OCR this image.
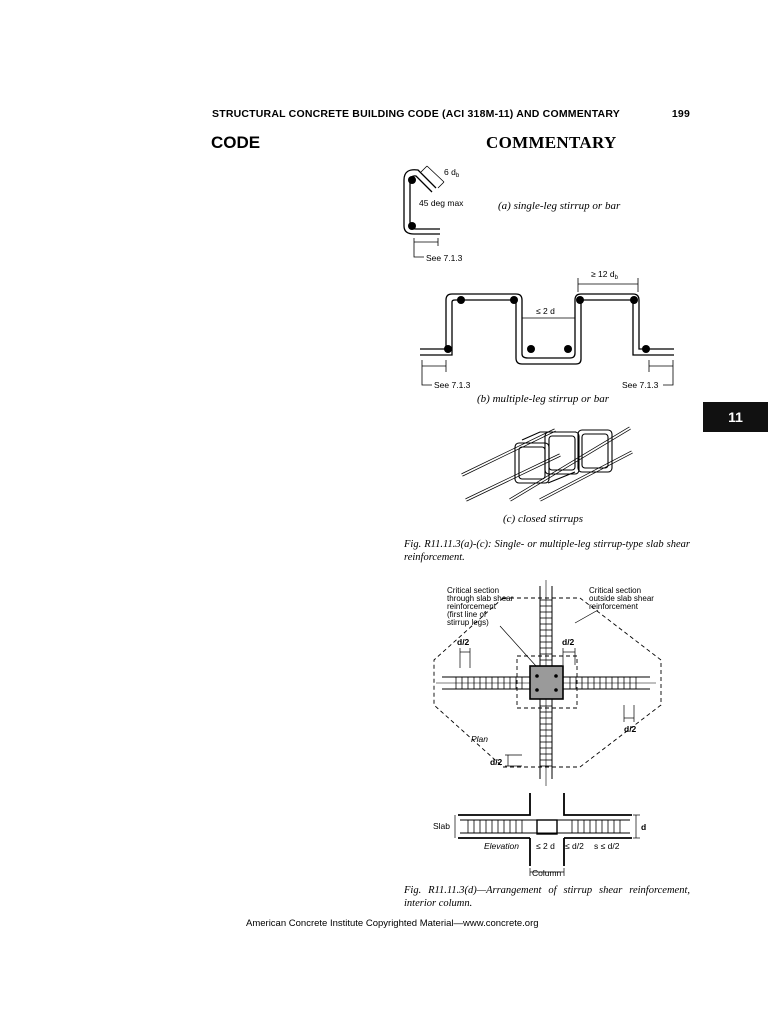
STRUCTURAL CONCRETE BUILDING CODE (ACI 318M-11) AND COMMENTARY	199
CODE	COMMENTARY
11
6 $d_b$
45 deg max
See 7.1.3
≥ 12 $d_b$
≤ 2 d
See 7.1.3	See 7.1.3
Critical section through slab shear reinforcement (first line of stirrup legs)
Critical section outside slab shear reinforcement
d/2	d/2
d/2
d/2
Plan
Slab
Elevation ≤ 2 d ≤ d/2 s ≤ d/2
d
Column
(a) single-leg stirrup or bar
(b) multiple-leg stirrup or bar
(c) closed stirrups
Fig. R11.11.3(a)-(c): Single- or multiple-leg stirrup-type slab shear reinforcement.
Fig. R11.11.3(d)—Arrangement of stirrup shear reinforcement, interior column.
American Concrete Institute Copyrighted Material—www.concrete.org
